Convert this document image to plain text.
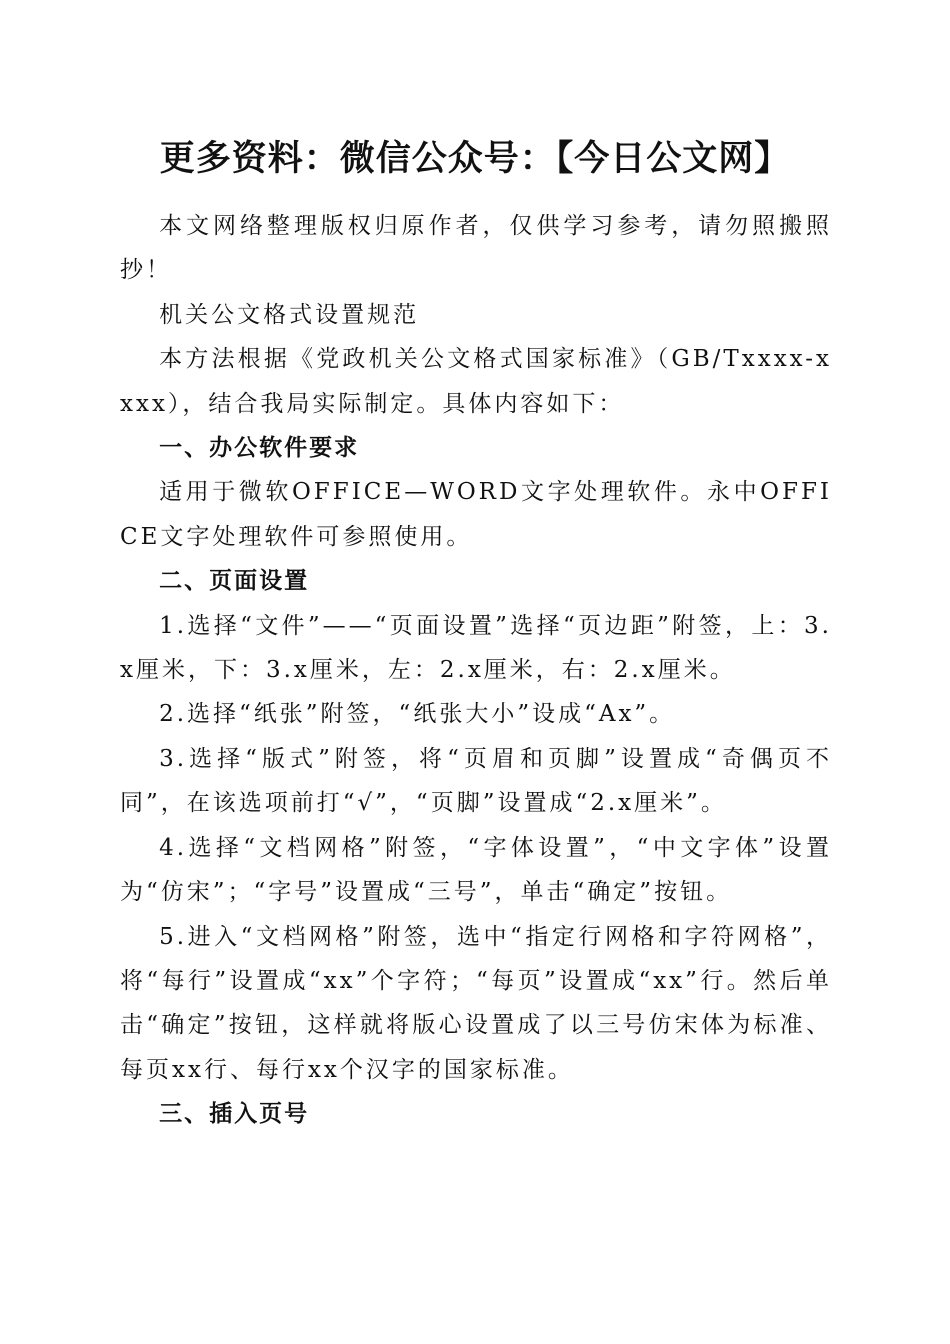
更多资料：微信公众号：【今日公文网】

本文网络整理版权归原作者，仅供学习参考，请勿照搬照抄！

机关公文格式设置规范

本方法根据《党政机关公文格式国家标准》（GB/Txxxx-xxxx），结合我局实际制定。具体内容如下：

一、办公软件要求

适用于微软OFFICE—WORD文字处理软件。永中OFFICE文字处理软件可参照使用。

二、页面设置

1.选择“文件”——“页面设置”选择“页边距”附签，上：3.x厘米，下：3.x厘米，左：2.x厘米，右：2.x厘米。

2.选择“纸张”附签，“纸张大小”设成“Ax”。

3.选择“版式”附签，将“页眉和页脚”设置成“奇偶页不同”，在该选项前打“√”，“页脚”设置成“2.x厘米”。

4.选择“文档网格”附签，“字体设置”，“中文字体”设置为“仿宋”；“字号”设置成“三号”，单击“确定”按钮。

5.进入“文档网格”附签，选中“指定行网格和字符网格”，将“每行”设置成“xx”个字符；“每页”设置成“xx”行。然后单击“确定”按钮，这样就将版心设置成了以三号仿宋体为标准、每页xx行、每行xx个汉字的国家标准。

三、插入页号
